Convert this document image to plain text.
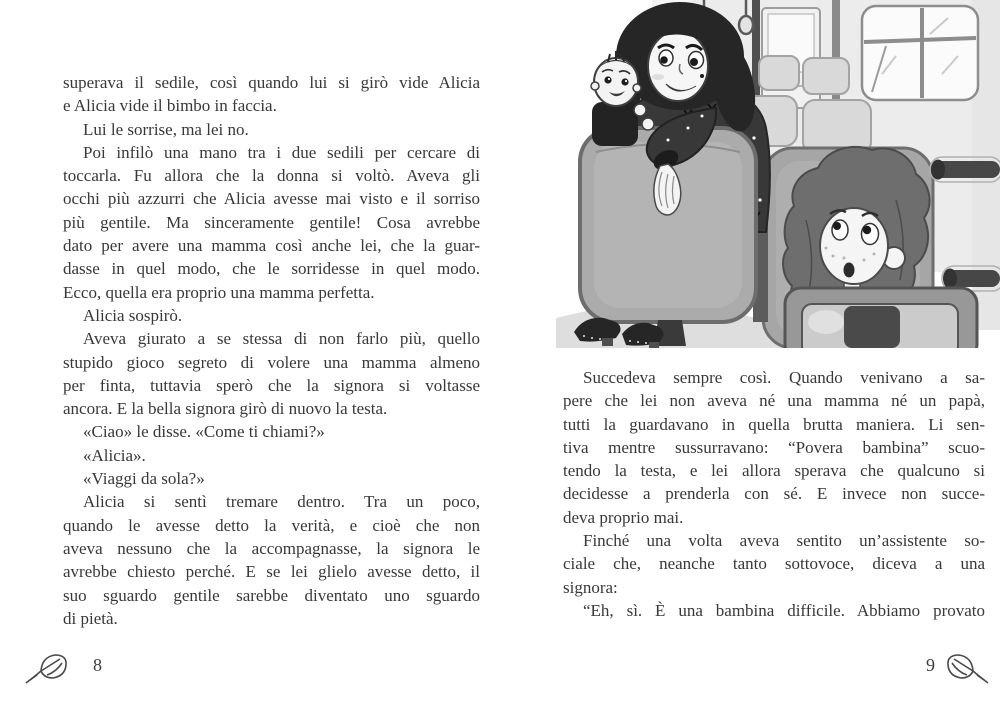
superava il sedile, così quando lui si girò vide Alicia
e Alicia vide il bimbo in faccia.
Lui le sorrise, ma lei no.
Poi infilò una mano tra i due sedili per cercare di
toccarla. Fu allora che la donna si voltò. Aveva gli
occhi più azzurri che Alicia avesse mai visto e il sorriso
più gentile. Ma sinceramente gentile! Cosa avrebbe
dato per avere una mamma così anche lei, che la guar-
dasse in quel modo, che le sorridesse in quel modo.
Ecco, quella era proprio una mamma perfetta.
Alicia sospirò.
Aveva giurato a se stessa di non farlo più, quello
stupido gioco segreto di volere una mamma almeno
per finta, tuttavia sperò che la signora si voltasse
ancora. E la bella signora girò di nuovo la testa.
«Ciao» le disse. «Come ti chiami?»
«Alicia».
«Viaggi da sola?»
Alicia si sentì tremare dentro. Tra un poco,
quando le avesse detto la verità, e cioè che non
aveva nessuno che la accompagnasse, la signora le
avrebbe chiesto perché. E se lei glielo avesse detto, il
suo sguardo gentile sarebbe diventato uno sguardo
di pietà.
Succedeva sempre così. Quando venivano a sa-
pere che lei non aveva né una mamma né un papà,
tutti la guardavano in quella brutta maniera. Li sen-
tiva mentre sussurravano: “Povera bambina” scuo-
tendo la testa, e lei allora sperava che qualcuno si
decidesse a prenderla con sé. E invece non succe-
deva proprio mai.
Finché una volta aveva sentito un’assistente so-
ciale che, neanche tanto sottovoce, diceva a una
signora:
“Eh, sì. È una bambina difficile. Abbiamo provato
8	9
